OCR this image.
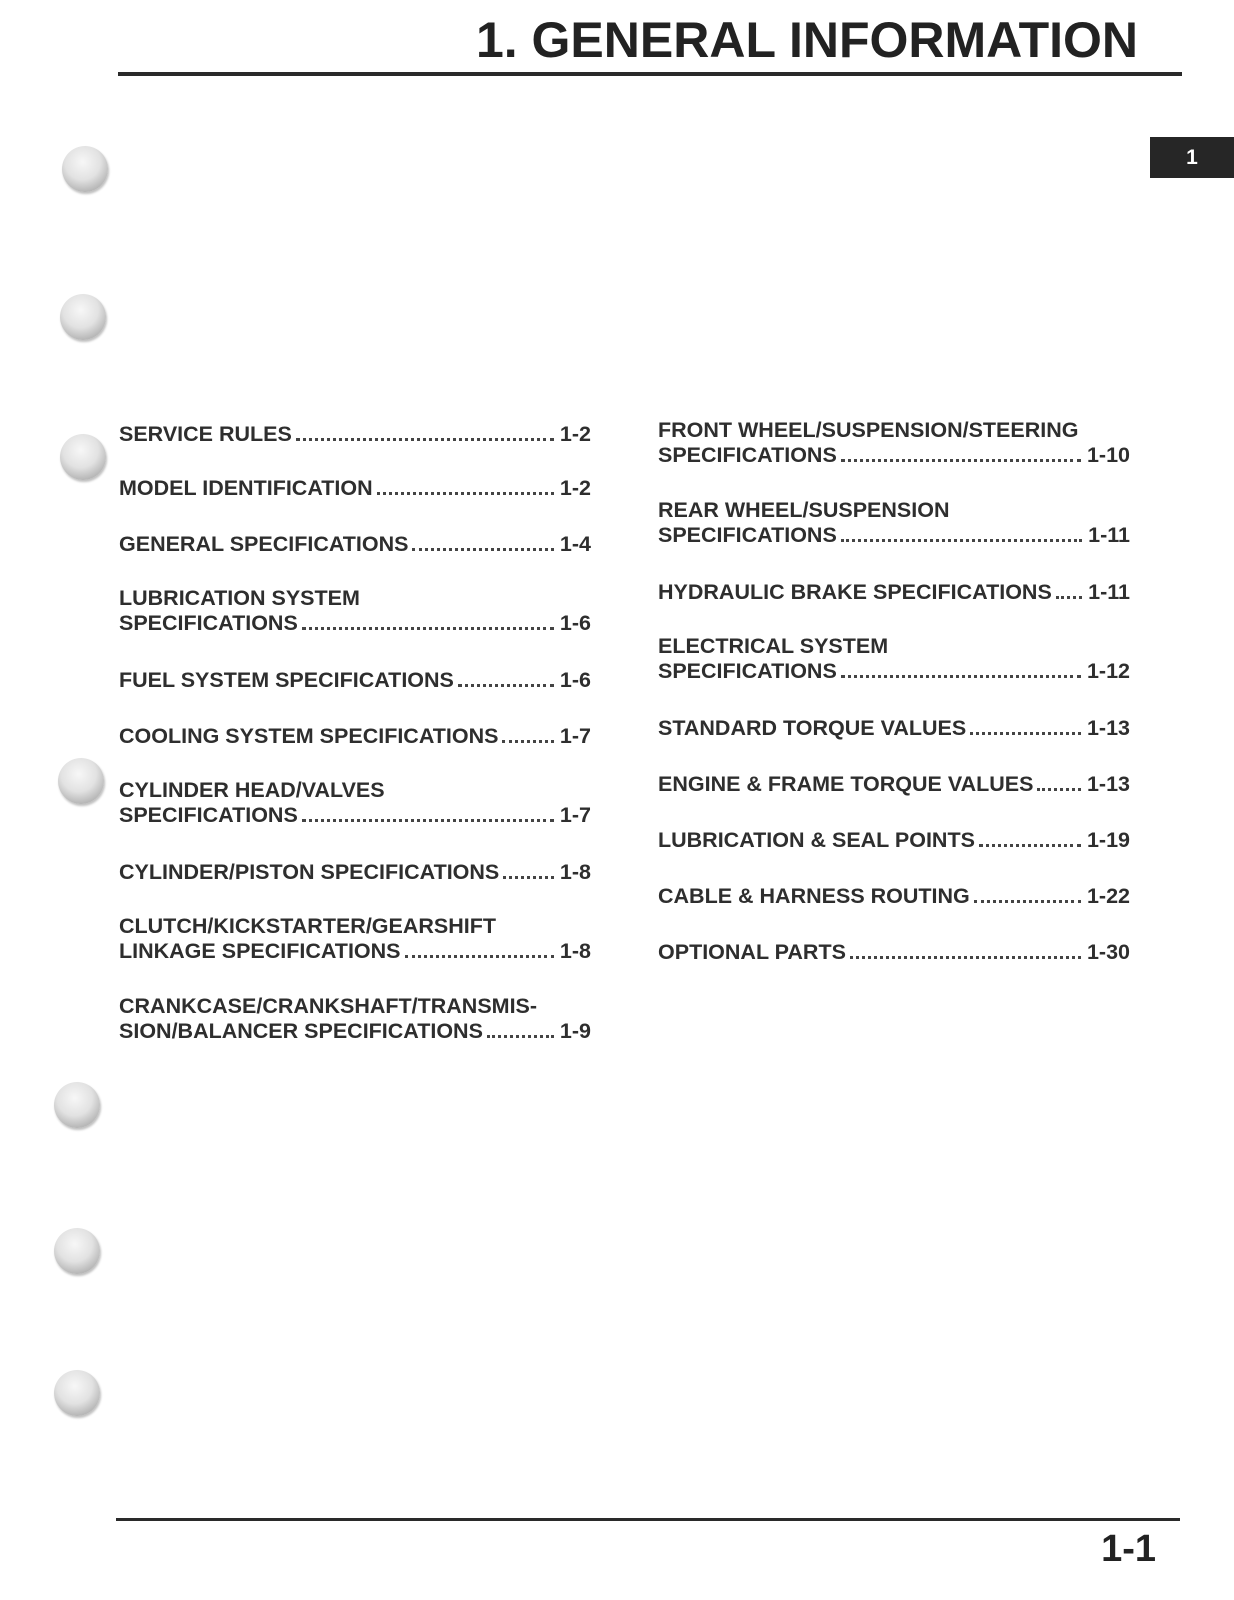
1. GENERAL INFORMATION
1
SERVICE RULES	1-2
MODEL IDENTIFICATION	1-2
GENERAL SPECIFICATIONS	1-4
LUBRICATION SYSTEM
SPECIFICATIONS	1-6
FUEL SYSTEM SPECIFICATIONS	1-6
COOLING SYSTEM SPECIFICATIONS	1-7
CYLINDER HEAD/VALVES
SPECIFICATIONS	1-7
CYLINDER/PISTON SPECIFICATIONS	1-8
CLUTCH/KICKSTARTER/GEARSHIFT
LINKAGE SPECIFICATIONS	1-8
CRANKCASE/CRANKSHAFT/TRANSMIS-
SION/BALANCER SPECIFICATIONS	1-9
FRONT WHEEL/SUSPENSION/STEERING
SPECIFICATIONS	1-10
REAR WHEEL/SUSPENSION
SPECIFICATIONS	1-11
HYDRAULIC BRAKE SPECIFICATIONS 1-11
ELECTRICAL SYSTEM
SPECIFICATIONS	1-12
STANDARD TORQUE VALUES	1-13
ENGINE & FRAME TORQUE VALUES 1-13
LUBRICATION & SEAL POINTS	1-19
CABLE & HARNESS ROUTING	1-22
OPTIONAL PARTS	1-30
1-1
